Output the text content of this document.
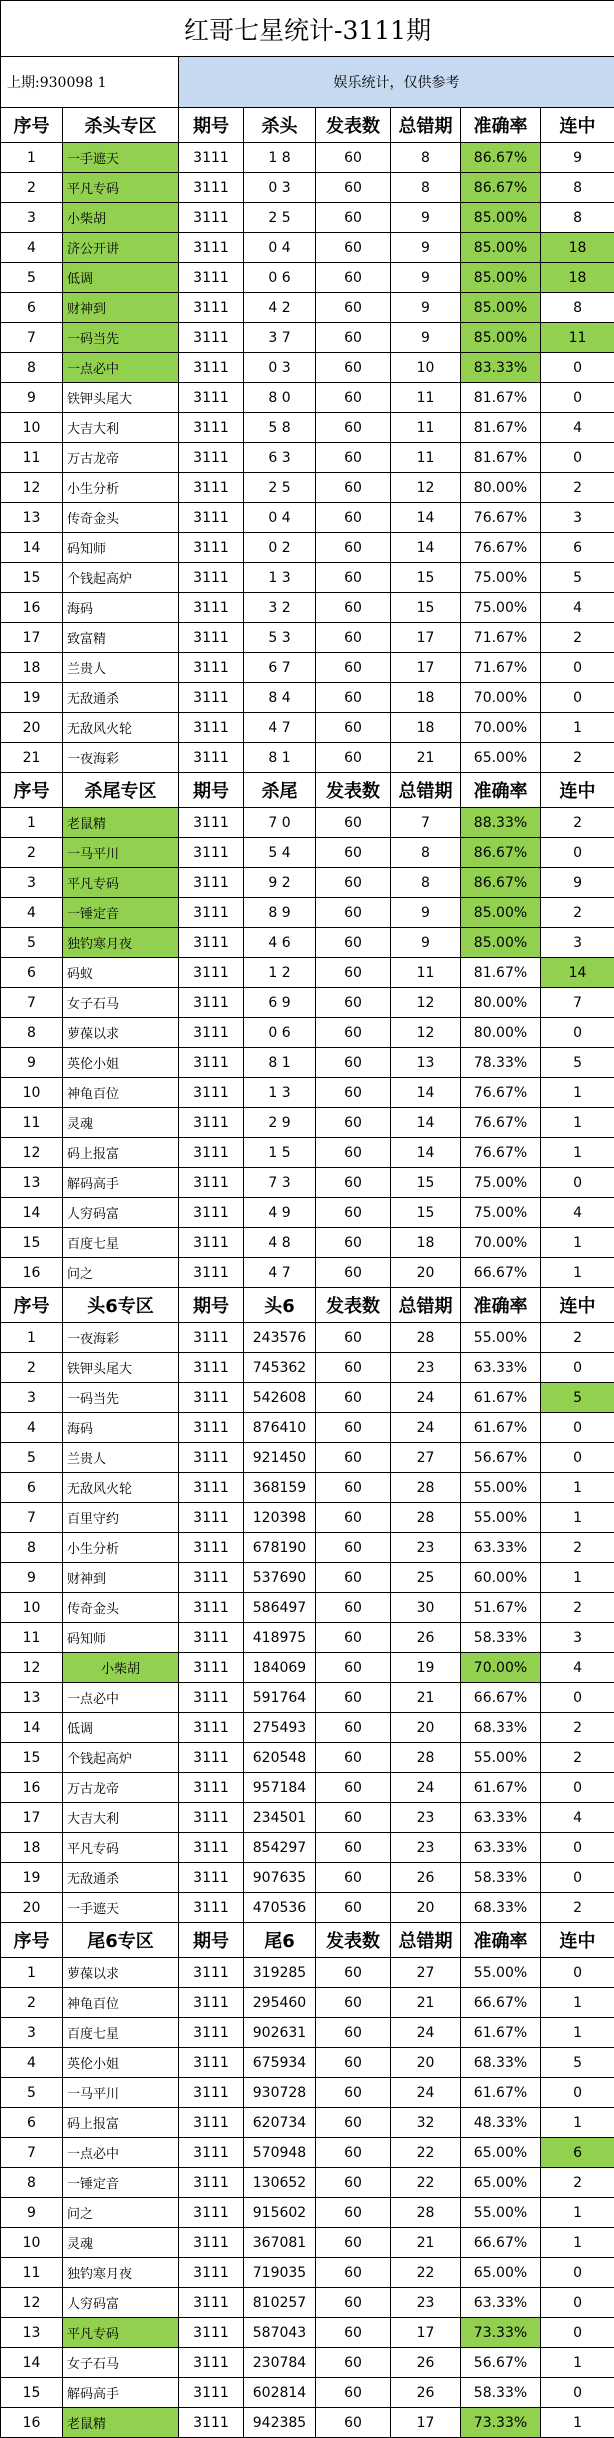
红哥七星统计-3111期							
上期:930098 1		娱乐统计，仅供参考					
序号	杀头专区	期号	杀头	发表数	总错期	准确率	连中
1	一手遮天	3111	1 8	60	8	86.67%	9
2	平凡专码	3111	0 3	60	8	86.67%	8
3	小柴胡	3111	2 5	60	9	85.00%	8
4	济公开讲	3111	0 4	60	9	85.00%	18
5	低调	3111	0 6	60	9	85.00%	18
6	财神到	3111	4 2	60	9	85.00%	8
7	一码当先	3111	3 7	60	9	85.00%	11
8	一点必中	3111	0 3	60	10	83.33%	0
9	铁钾头尾大	3111	8 0	60	11	81.67%	0
10	大吉大利	3111	5 8	60	11	81.67%	4
11	万古龙帝	3111	6 3	60	11	81.67%	0
12	小生分析	3111	2 5	60	12	80.00%	2
13	传奇金头	3111	0 4	60	14	76.67%	3
14	码知师	3111	0 2	60	14	76.67%	6
15	个钱起高炉	3111	1 3	60	15	75.00%	5
16	海码	3111	3 2	60	15	75.00%	4
17	致富精	3111	5 3	60	17	71.67%	2
18	兰贵人	3111	6 7	60	17	71.67%	0
19	无敌通杀	3111	8 4	60	18	70.00%	0
20	无敌风火轮	3111	4 7	60	18	70.00%	1
21	一夜海彩	3111	8 1	60	21	65.00%	2
序号	杀尾专区	期号	杀尾	发表数	总错期	准确率	连中
1	老鼠精	3111	7 0	60	7	88.33%	2
2	一马平川	3111	5 4	60	8	86.67%	0
3	平凡专码	3111	9 2	60	8	86.67%	9
4	一锤定音	3111	8 9	60	9	85.00%	2
5	独钓寒月夜	3111	4 6	60	9	85.00%	3
6	码蚁	3111	1 2	60	11	81.67%	14
7	女子石马	3111	6 9	60	12	80.00%	7
8	萝葆以求	3111	0 6	60	12	80.00%	0
9	英伦小姐	3111	8 1	60	13	78.33%	5
10	神龟百位	3111	1 3	60	14	76.67%	1
11	灵魂	3111	2 9	60	14	76.67%	1
12	码上报富	3111	1 5	60	14	76.67%	1
13	解码高手	3111	7 3	60	15	75.00%	0
14	人穷码富	3111	4 9	60	15	75.00%	4
15	百度七星	3111	4 8	60	18	70.00%	1
16	问之	3111	4 7	60	20	66.67%	1
序号	头6专区	期号	头6	发表数	总错期	准确率	连中
1	一夜海彩	3111	243576	60	28	55.00%	2
2	铁钾头尾大	3111	745362	60	23	63.33%	0
3	一码当先	3111	542608	60	24	61.67%	5
4	海码	3111	876410	60	24	61.67%	0
5	兰贵人	3111	921450	60	27	56.67%	0
6	无敌风火轮	3111	368159	60	28	55.00%	1
7	百里守约	3111	120398	60	28	55.00%	1
8	小生分析	3111	678190	60	23	63.33%	2
9	财神到	3111	537690	60	25	60.00%	1
10	传奇金头	3111	586497	60	30	51.67%	2
11	码知师	3111	418975	60	26	58.33%	3
12	小柴胡	3111	184069	60	19	70.00%	4
13	一点必中	3111	591764	60	21	66.67%	0
14	低调	3111	275493	60	20	68.33%	2
15	个钱起高炉	3111	620548	60	28	55.00%	2
16	万古龙帝	3111	957184	60	24	61.67%	0
17	大吉大利	3111	234501	60	23	63.33%	4
18	平凡专码	3111	854297	60	23	63.33%	0
19	无敌通杀	3111	907635	60	26	58.33%	0
20	一手遮天	3111	470536	60	20	68.33%	2
序号	尾6专区	期号	尾6	发表数	总错期	准确率	连中
1	萝葆以求	3111	319285	60	27	55.00%	0
2	神龟百位	3111	295460	60	21	66.67%	1
3	百度七星	3111	902631	60	24	61.67%	1
4	英伦小姐	3111	675934	60	20	68.33%	5
5	一马平川	3111	930728	60	24	61.67%	0
6	码上报富	3111	620734	60	32	48.33%	1
7	一点必中	3111	570948	60	22	65.00%	6
8	一锤定音	3111	130652	60	22	65.00%	2
9	问之	3111	915602	60	28	55.00%	1
10	灵魂	3111	367081	60	21	66.67%	1
11	独钓寒月夜	3111	719035	60	22	65.00%	0
12	人穷码富	3111	810257	60	23	63.33%	0
13	平凡专码	3111	587043	60	17	73.33%	0
14	女子石马	3111	230784	60	26	56.67%	1
15	解码高手	3111	602814	60	26	58.33%	0
16	老鼠精	3111	942385	60	17	73.33%	1
